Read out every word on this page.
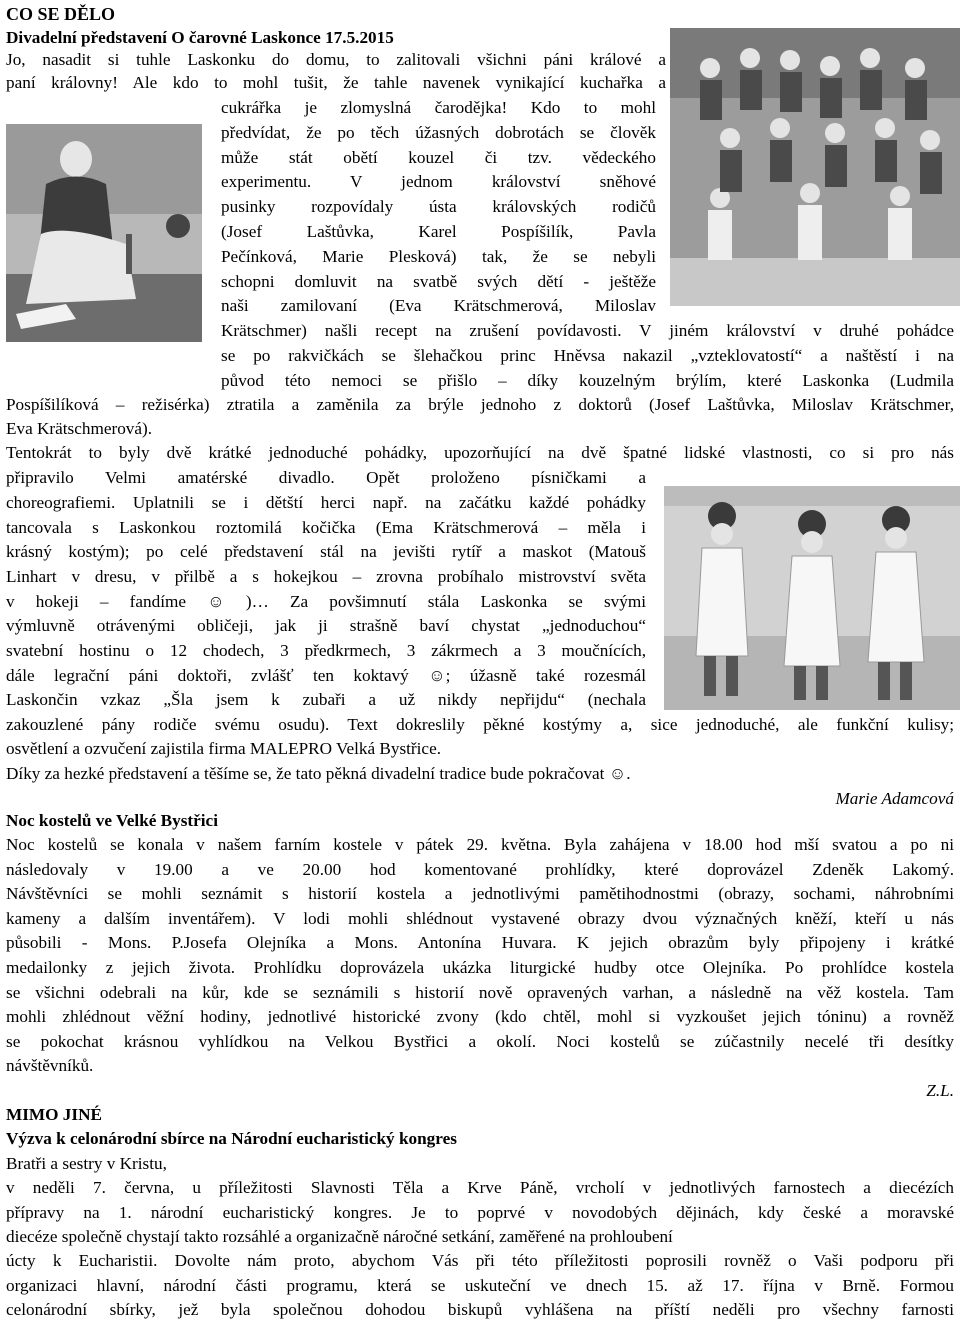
CO SE DĚLO
Divadelní představení O čarovné Laskonce 17.5.2015
Jo, nasadit si tuhle Laskonku do domu, to zalitovali všichni páni králové a
paní královny! Ale kdo to mohl tušit, že tahle navenek vynikající kuchařka a
cukrářka je zlomyslná čarodějka! Kdo to mohl
předvídat, že po těch úžasných dobrotách se člověk
může stát obětí kouzel či tzv. vědeckého
experimentu. V jednom království sněhové
pusinky rozpovídaly ústa královských rodičů
(Josef Laštůvka, Karel Pospíšilík, Pavla
Pečínková, Marie Plesková) tak, že se nebyli
schopni domluvit na svatbě svých dětí - ještěže
naši zamilovaní (Eva Krätschmerová, Miloslav
Krätschmer) našli recept na zrušení povídavosti. V jiném království v druhé pohádce
se po rakvičkách se šlehačkou princ Hněvsa nakazil „vzteklovatostí“ a naštěstí i na
původ této nemoci se přišlo – díky kouzelným brýlím, které Laskonka (Ludmila
Pospíšilíková – režisérka) ztratila a zaměnila za brýle jednoho z doktorů (Josef Laštůvka, Miloslav Krätschmer,
Eva Krätschmerová).
Tentokrát to byly dvě krátké jednoduché pohádky, upozorňující na dvě špatné lidské vlastnosti, co si pro nás
připravilo Velmi amatérské divadlo. Opět proloženo písničkami a
choreografiemi. Uplatnili se i dětští herci např. na začátku každé pohádky
tancovala s Laskonkou roztomilá kočička (Ema Krätschmerová – měla i
krásný kostým); po celé představení stál na jevišti rytíř a maskot (Matouš
Linhart v dresu, v přilbě a s hokejkou – zrovna probíhalo mistrovství světa
v hokeji – fandíme ☺ )… Za povšimnutí stála Laskonka se svými
výmluvně otrávenými obličeji, jak ji strašně baví chystat „jednoduchou“
svatební hostinu o 12 chodech, 3 předkrmech, 3 zákrmech a 3 moučnících,
dále legrační páni doktoři, zvlášť ten koktavý ☺; úžasně také rozesmál
Laskončin vzkaz „Šla jsem k zubaři a už nikdy nepřijdu“ (nechala
zakouzlené pány rodiče svému osudu). Text dokreslily pěkné kostýmy a, sice jednoduché, ale funkční kulisy;
osvětlení a ozvučení zajistila firma MALEPRO Velká Bystřice.
Díky za hezké představení a těšíme se, že tato pěkná divadelní tradice bude pokračovat ☺.
Marie Adamcová
Noc kostelů ve Velké Bystřici
Noc kostelů se konala v našem farním kostele v pátek 29. května. Byla zahájena v 18.00 hod mší svatou a po ni
následovaly v 19.00 a ve 20.00 hod komentované prohlídky, které doprovázel Zdeněk Lakomý.
Návštěvníci se mohli seznámit s historií kostela a jednotlivými pamětihodnostmi (obrazy, sochami, náhrobními
kameny a dalším inventářem). V lodi mohli shlédnout vystavené obrazy dvou význačných kněží, kteří u nás
působili - Mons. P.Josefa Olejníka a Mons. Antonína Huvara. K jejich obrazům byly připojeny i krátké
medailonky z jejich života. Prohlídku doprovázela ukázka liturgické hudby otce Olejníka. Po prohlídce kostela
se všichni odebrali na kůr, kde se seznámili s historií nově opravených varhan, a následně na věž kostela. Tam
mohli zhlédnout věžní hodiny, jednotlivé historické zvony (kdo chtěl, mohl si vyzkoušet jejich tóninu) a rovněž
se pokochat krásnou vyhlídkou na Velkou Bystřici a okolí. Noci kostelů se zúčastnily necelé tři desítky
návštěvníků.
Z.L.
MIMO JINÉ
Výzva k celonárodní sbírce na Národní eucharistický kongres
Bratři a sestry v Kristu,
v neděli 7. června, u příležitosti Slavnosti Těla a Krve Páně, vrcholí v jednotlivých farnostech a diecézích
přípravy na 1. národní eucharistický kongres. Je to poprvé v novodobých dějinách, kdy české a moravské
diecéze společně chystají takto rozsáhlé a organizačně náročné setkání, zaměřené na prohloubení
úcty k Eucharistii. Dovolte nám proto, abychom Vás při této příležitosti poprosili rovněž o Vaši podporu při
organizaci hlavní, národní části programu, která se uskuteční ve dnech 15. až 17. října v Brně. Formou
celonárodní sbírky, jež byla společnou dohodou biskupů vyhlášena na příští neděli pro všechny farnosti
